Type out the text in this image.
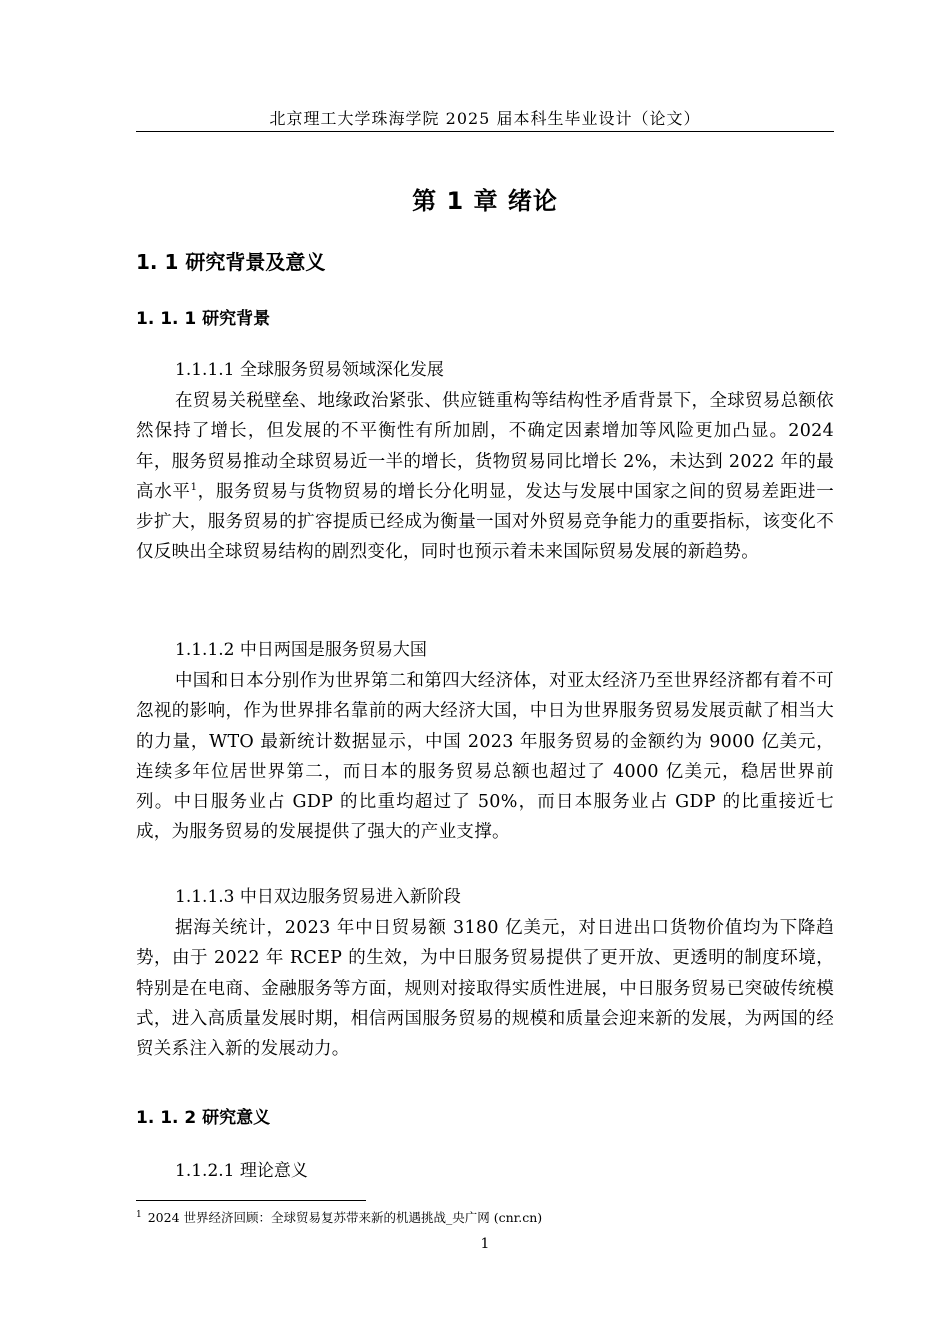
北京理工大学珠海学院 2025 届本科生毕业设计（论文）
第 1 章 绪论
1. 1 研究背景及意义
1. 1. 1 研究背景
1.1.1.1 全球服务贸易领域深化发展

在贸易关税壁垒、地缘政治紧张、供应链重构等结构性矛盾背景下，全球贸易总额依然保持了增长，但发展的不平衡性有所加剧，不确定因素增加等风险更加凸显。2024 年，服务贸易推动全球贸易近一半的增长，货物贸易同比增长 2%，未达到 2022 年的最高水平$^1$，服务贸易与货物贸易的增长分化明显，发达与发展中国家之间的贸易差距进一步扩大，服务贸易的扩容提质已经成为衡量一国对外贸易竞争能力的重要指标，该变化不仅反映出全球贸易结构的剧烈变化，同时也预示着未来国际贸易发展的新趋势。

1.1.1.2 中日两国是服务贸易大国

中国和日本分别作为世界第二和第四大经济体，对亚太经济乃至世界经济都有着不可忽视的影响，作为世界排名靠前的两大经济大国，中日为世界服务贸易发展贡献了相当大的力量，WTO 最新统计数据显示，中国 2023 年服务贸易的金额约为 9000 亿美元，连续多年位居世界第二，而日本的服务贸易总额也超过了 4000 亿美元，稳居世界前列。中日服务业占 GDP 的比重均超过了 50%，而日本服务业占 GDP 的比重接近七成，为服务贸易的发展提供了强大的产业支撑。

1.1.1.3 中日双边服务贸易进入新阶段

据海关统计，2023 年中日贸易额 3180 亿美元，对日进出口货物价值均为下降趋势，由于 2022 年 RCEP 的生效，为中日服务贸易提供了更开放、更透明的制度环境，特别是在电商、金融服务等方面，规则对接取得实质性进展，中日服务贸易已突破传统模式，进入高质量发展时期，相信两国服务贸易的规模和质量会迎来新的发展，为两国的经贸关系注入新的发展动力。

1. 1. 2 研究意义
1.1.2.1 理论意义
$^1$ 2024 世界经济回顾：全球贸易复苏带来新的机遇挑战_央广网 (cnr.cn)
1
